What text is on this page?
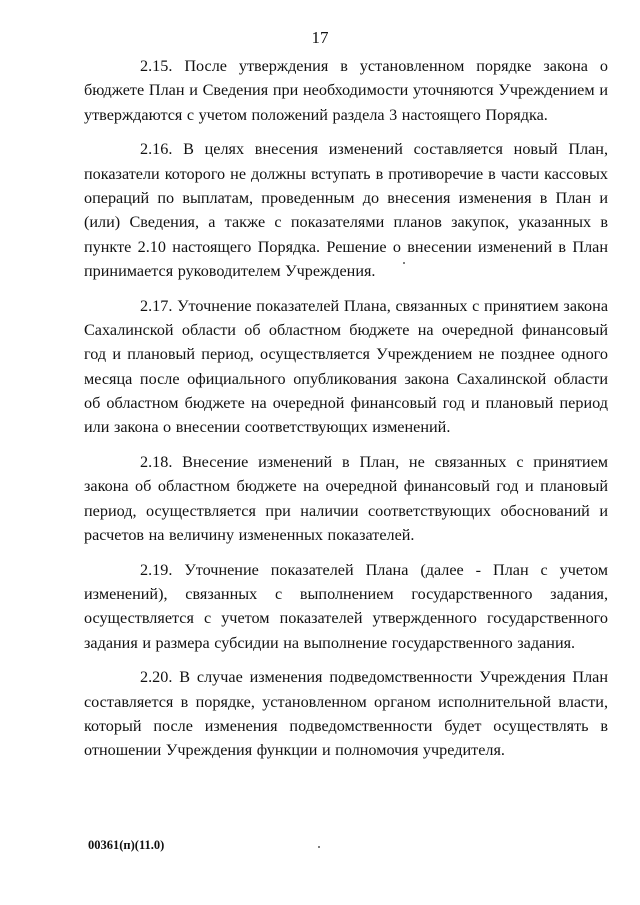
17

2.15. После утверждения в установленном порядке закона о бюджете План и Сведения при необходимости уточняются Учреждением и утверждаются с учетом положений раздела 3 настоящего Порядка.

2.16. В целях внесения изменений составляется новый План, показатели которого не должны вступать в противоречие в части кассовых операций по выплатам, проведенным до внесения изменения в План и (или) Сведения, а также с показателями планов закупок, указанных в пункте 2.10 настоящего Порядка. Решение о внесении изменений в План принимается руководителем Учреждения.

2.17. Уточнение показателей Плана, связанных с принятием закона Сахалинской области об областном бюджете на очередной финансовый год и плановый период, осуществляется Учреждением не позднее одного месяца после официального опубликования закона Сахалинской области об областном бюджете на очередной финансовый год и плановый период или закона о внесении соответствующих изменений.

2.18. Внесение изменений в План, не связанных с принятием закона об областном бюджете на очередной финансовый год и плановый период, осуществляется при наличии соответствующих обоснований и расчетов на величину измененных показателей.

2.19. Уточнение показателей Плана (далее - План с учетом изменений), связанных с выполнением государственного задания, осуществляется с учетом показателей утвержденного государственного задания и размера субсидии на выполнение государственного задания.

2.20. В случае изменения подведомственности Учреждения План составляется в порядке, установленном органом исполнительной власти, который после изменения подведомственности будет осуществлять в отношении Учреждения функции и полномочия учредителя.

00361(п)(11.0)
